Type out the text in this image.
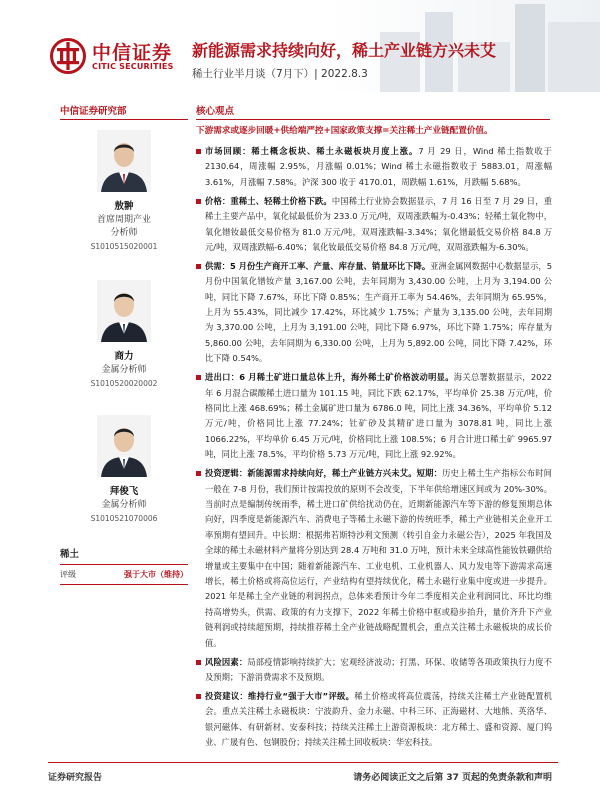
中信证券
CITIC SECURITIES
新能源需求持续向好，稀土产业链方兴未艾
稀土行业半月谈（7月下）| 2022.8.3
中信证券研究部
敖翀
首席周期产业
分析师
S1010515020001
商力
金属分析师
S1010520020002
拜俊飞
金属分析师
S1010521070006
稀土
评级	强于大市（维持）
核心观点
下游需求或逐步回暖+供给端严控+国家政策支撑=关注稀土产业链配置价值。
市场回顾：稀土概念板块、稀土永磁板块月度上涨。7 月 29 日，Wind 稀土指数收于 2130.64，周涨幅 2.95%，月涨幅 0.01%；Wind 稀土永磁指数收于 5883.01，周涨幅 3.61%，月涨幅 7.58%。沪深 300 收于 4170.01，周跌幅 1.61%，月跌幅 5.68%。
价格：重稀土、轻稀土价格下跌。中国稀土行业协会数据显示，7 月 16 日至 7 月 29 日，重稀土主要产品中，氧化铽最低价为 233.0 万元/吨，双周涨跌幅为-0.43%；轻稀土氧化物中，氧化镨钕最低交易价格为 81.0 万元/吨，双周涨跌幅-3.34%；氧化镨最低交易价格 84.8 万元/吨，双周涨跌幅-6.40%；氧化钕最低交易价格 84.8 万元/吨，双周涨跌幅为-6.30%。
供需：5 月份生产商开工率、产量、库存量、销量环比下降。亚洲金属网数据中心数据显示，5 月份中国氧化镨钕产量 3,167.00 公吨，去年同期为 3,430.00 公吨，上月为 3,194.00 公吨，同比下降 7.67%，环比下降 0.85%；生产商开工率为 54.46%，去年同期为 65.95%，上月为 55.43%，同比减少 17.42%，环比减少 1.75%；产量为 3,135.00 公吨，去年同期为 3,370.00 公吨，上月为 3,191.00 公吨，同比下降 6.97%，环比下降 1.75%；库存量为 5,860.00 公吨，去年同期为 6,330.00 公吨，上月为 5,892.00 公吨，同比下降 7.42%，环比下降 0.54%。
进出口：6 月稀土矿进口量总体上升，海外稀土矿价格波动明显。海关总署数据显示，2022 年 6 月混合碳酸稀土进口量为 101.15 吨，同比下跌 62.17%，平均单价 25.38 万元/吨，价格同比上涨 468.69%；稀土金属矿进口量为 6786.0 吨，同比上涨 34.36%，平均单价 5.12 万元/吨，价格同比上涨 77.24%；钍矿砂及其精矿进口量为 3078.81 吨，同比上涨 1066.22%，平均单价 6.45 万元/吨，价格同比上涨 108.5%；6 月合计进口稀土矿 9965.97 吨，同比上涨 78.5%，平均价格 5.73 万元/吨，同比上涨 92.92%。
投资逻辑：新能源需求持续向好，稀土产业链方兴未艾。短期：历史上稀土生产指标公布时间一般在 7-8 月份，我们预计按需投放的原则不会改变，下半年供给增速区间或为 20%-30%。当前时点是编制传统雨季，稀土进口矿供给扰动仍在，近期新能源汽车等下游的修复预期总体向好，四季度是新能源汽车、消费电子等稀土永磁下游的传统旺季，稀土产业链相关企业开工率预期有望回升。中长期：根据弗若斯特沙利文预测（转引自金力永磁公告），2025 年我国及全球的稀土永磁材料产量将分别达到 28.4 万吨和 31.0 万吨，预计未来全球高性能钕铁硼供给增量或主要集中在中国；随着新能源汽车、工业电机、工业机器人、风力发电等下游需求高速增长，稀土价格或将高位运行，产业结构有望持续优化，稀土永磁行业集中度或进一步提升。2021 年是稀土全产业链的利润拐点，总体来看预计今年二季度相关企业利润同比、环比均维持高增势头，供需、政策的有力支撑下，2022 年稀土价格中枢或稳步抬升，量价齐升下产业链利润或持续超预期，持续推荐稀土全产业链战略配置机会，重点关注稀土永磁板块的成长价值。
风险因素：局部疫情影响持续扩大；宏观经济波动；打黑、环保、收储等各项政策执行力度不及预期；下游消费需求不及预期。
投资建议：维持行业“强于大市”评级。稀土价格或将高位震荡，持续关注稀土产业链配置机会。重点关注稀土永磁板块：宁波韵升、金力永磁、中科三环、正海磁材、大地熊、英洛华、银河磁体、有研新材、安泰科技；持续关注稀土上游资源板块：北方稀土、盛和资源、厦门钨业、广晟有色、包钢股份；持续关注稀土回收板块：华宏科技。
证券研究报告	请务必阅读正文之后第 37 页起的免责条款和声明
